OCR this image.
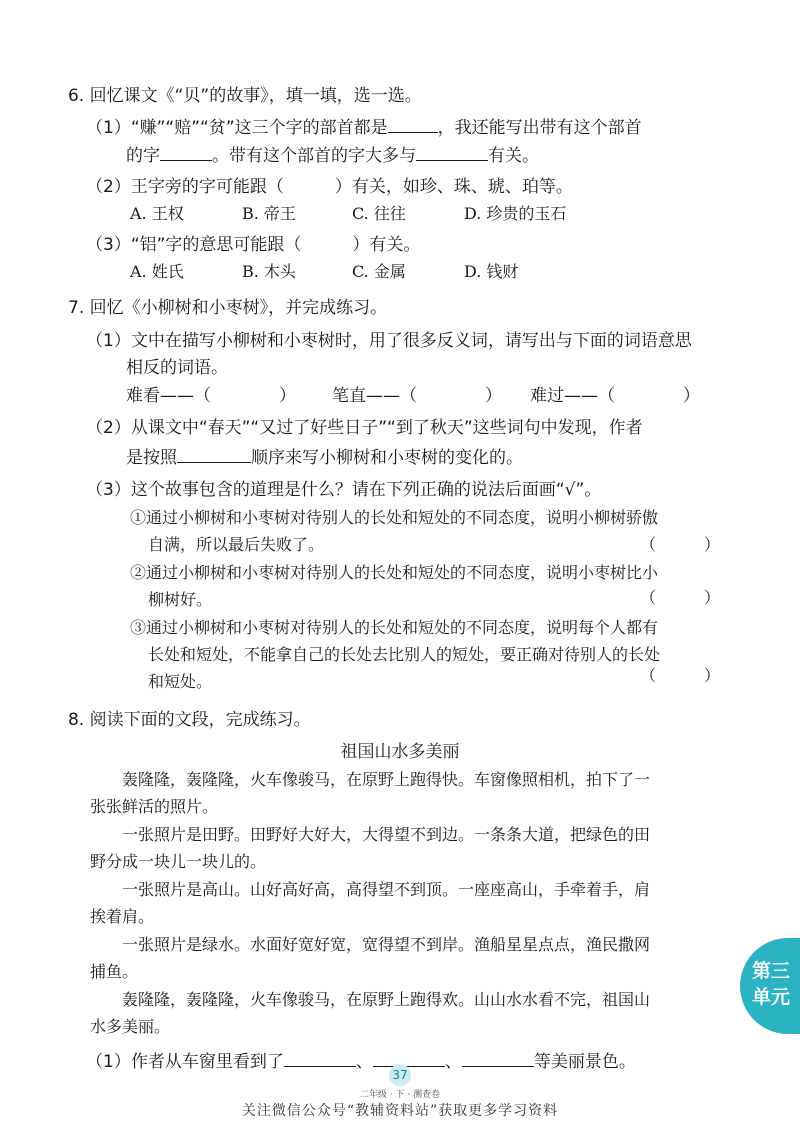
6. 回忆课文《“贝”的故事》，填一填，选一选。
（1）“赚”“赔”“贫”这三个字的部首都是	，我还能写出带有这个部首
的字	。带有这个部首的字大多与	有关。
（2）王字旁的字可能跟（　　　）有关，如珍、珠、琥、珀等。
A. 王权	B. 帝王	C. 往往	D. 珍贵的玉石
（3）“铝”字的意思可能跟（　　　）有关。
A. 姓氏	B. 木头	C. 金属	D. 钱财
7. 回忆《小柳树和小枣树》，并完成练习。
（1）文中在描写小柳树和小枣树时，用了很多反义词，请写出与下面的词语意思
相反的词语。
难看——（　　　　） 笔直——（　　　　） 难过——（　　　　）
（2）从课文中“春天”“又过了好些日子”“到了秋天”这些词句中发现，作者
是按照	顺序来写小柳树和小枣树的变化的。
（3）这个故事包含的道理是什么？请在下列正确的说法后面画“√”。
①通过小柳树和小枣树对待别人的长处和短处的不同态度，说明小柳树骄傲
自满，所以最后失败了。	（　　　）
②通过小柳树和小枣树对待别人的长处和短处的不同态度，说明小枣树比小
柳树好。	（　　　）
③通过小柳树和小枣树对待别人的长处和短处的不同态度，说明每个人都有
长处和短处，不能拿自己的长处去比别人的短处，要正确对待别人的长处
和短处。	（　　　）
8. 阅读下面的文段，完成练习。
祖国山水多美丽
　　轰隆隆，轰隆隆，火车像骏马，在原野上跑得快。车窗像照相机，拍下了一
张张鲜活的照片。
　　一张照片是田野。田野好大好大，大得望不到边。一条条大道，把绿色的田
野分成一块儿一块儿的。
　　一张照片是高山。山好高好高，高得望不到顶。一座座高山，手牵着手，肩
挨着肩。
　　一张照片是绿水。水面好宽好宽，宽得望不到岸。渔船星星点点，渔民撒网
捕鱼。
　　轰隆隆，轰隆隆，火车像骏马，在原野上跑得欢。山山水水看不完，祖国山
水多美丽。
（1）作者从车窗里看到了	、	、	等美丽景色。
第三
单元
37
二年级 · 下 · 测查卷
关注微信公众号“教辅资料站”获取更多学习资料
